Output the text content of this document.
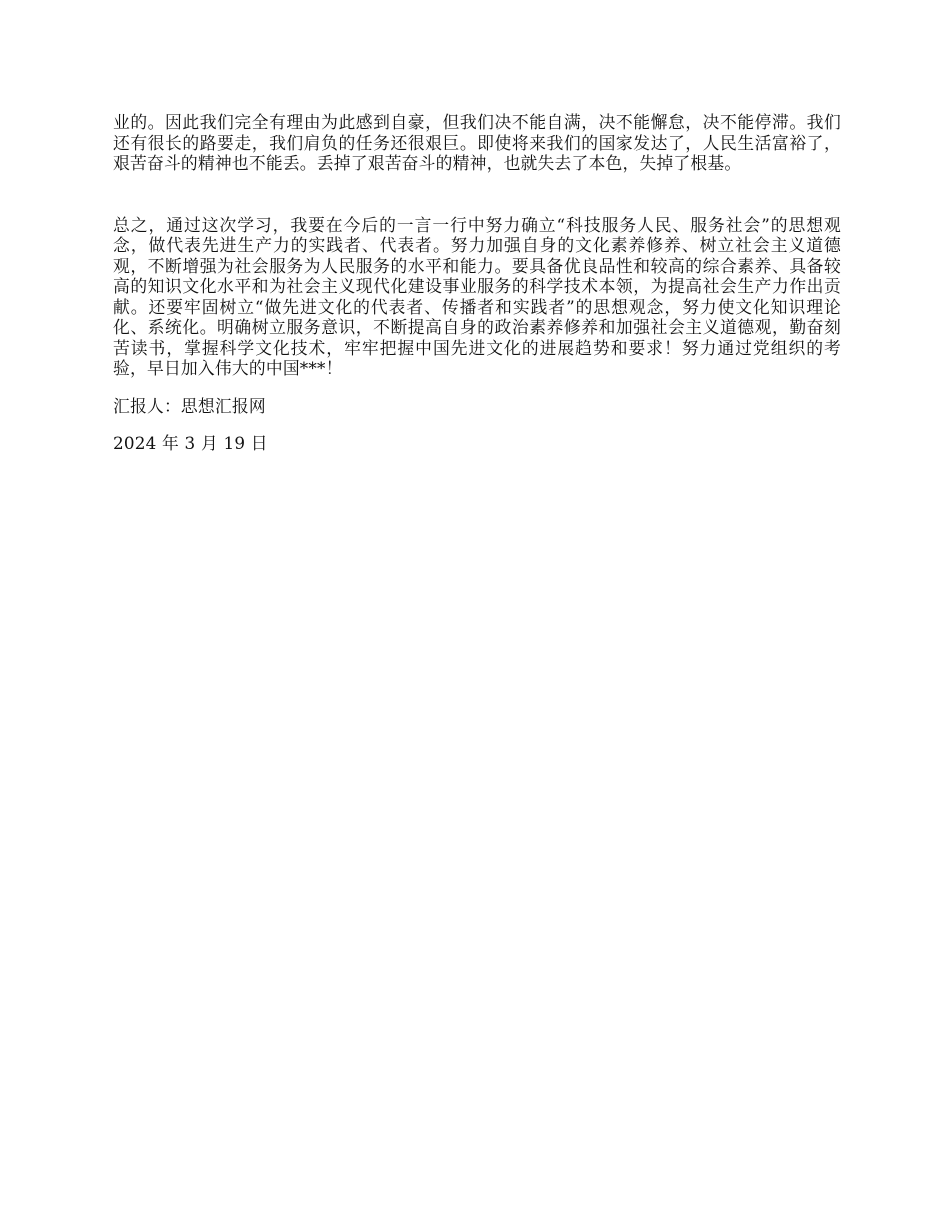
业的。因此我们完全有理由为此感到自豪，但我们决不能自满，决不能懈怠，决不能停滞。我们还有很长的路要走，我们肩负的任务还很艰巨。即使将来我们的国家发达了，人民生活富裕了，艰苦奋斗的精神也不能丢。丢掉了艰苦奋斗的精神，也就失去了本色，失掉了根基。

总之，通过这次学习，我要在今后的一言一行中努力确立“科技服务人民、服务社会”的思想观念，做代表先进生产力的实践者、代表者。努力加强自身的文化素养修养、树立社会主义道德观，不断增强为社会服务为人民服务的水平和能力。要具备优良品性和较高的综合素养、具备较高的知识文化水平和为社会主义现代化建设事业服务的科学技术本领，为提高社会生产力作出贡献。还要牢固树立“做先进文化的代表者、传播者和实践者”的思想观念，努力使文化知识理论化、系统化。明确树立服务意识，不断提高自身的政治素养修养和加强社会主义道德观，勤奋刻苦读书，掌握科学文化技术，牢牢把握中国先进文化的进展趋势和要求！努力通过党组织的考验，早日加入伟大的中国***！

汇报人：思想汇报网

2024 年 3 月 19 日
